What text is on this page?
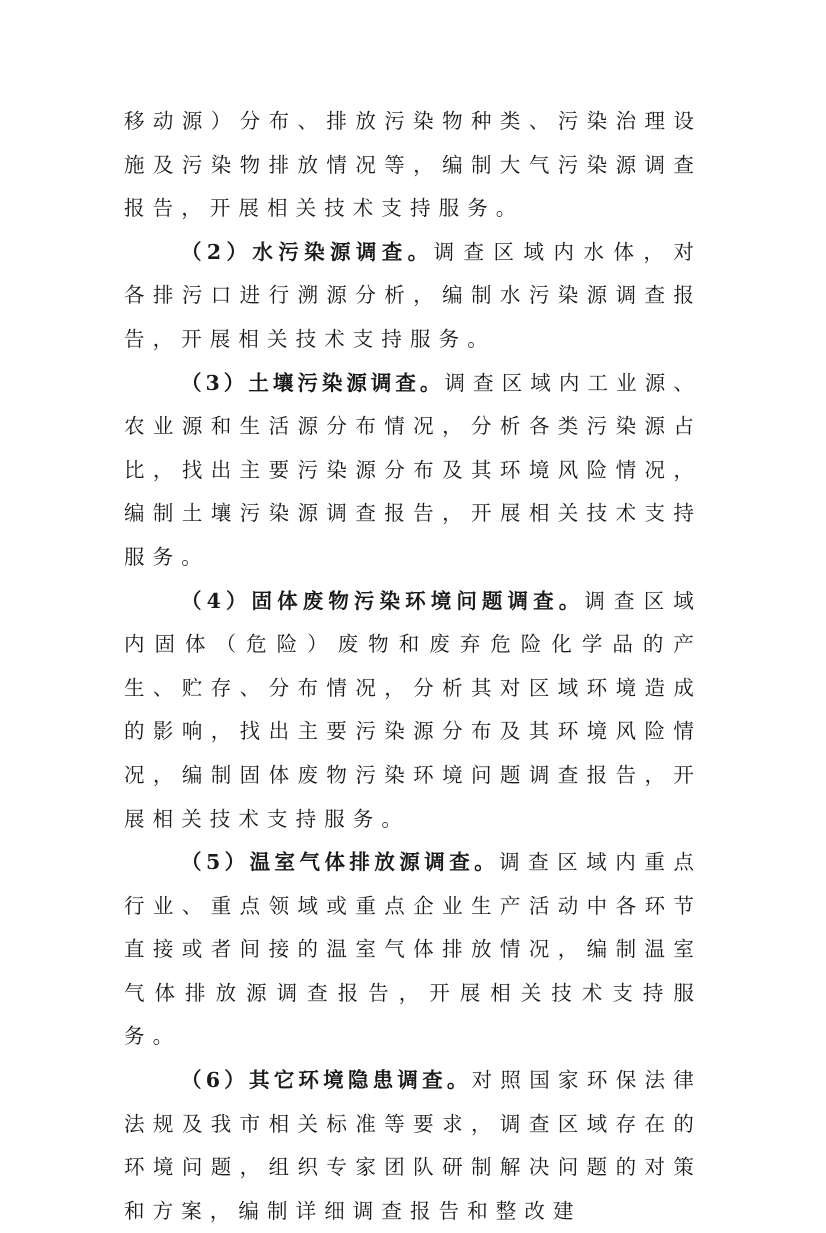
移动源）分布、排放污染物种类、污染治理设施及污染物排放情况等，编制大气污染源调查报告，开展相关技术支持服务。

（2）水污染源调查。调查区域内水体，对各排污口进行溯源分析，编制水污染源调查报告，开展相关技术支持服务。

（3）土壤污染源调查。调查区域内工业源、农业源和生活源分布情况，分析各类污染源占比，找出主要污染源分布及其环境风险情况，编制土壤污染源调查报告，开展相关技术支持服务。

（4）固体废物污染环境问题调查。调查区域内固体（危险）废物和废弃危险化学品的产生、贮存、分布情况，分析其对区域环境造成的影响，找出主要污染源分布及其环境风险情况，编制固体废物污染环境问题调查报告，开展相关技术支持服务。

（5）温室气体排放源调查。调查区域内重点行业、重点领域或重点企业生产活动中各环节直接或者间接的温室气体排放情况，编制温室气体排放源调查报告，开展相关技术支持服务。

（6）其它环境隐患调查。对照国家环保法律法规及我市相关标准等要求，调查区域存在的环境问题，组织专家团队研制解决问题的对策和方案，编制详细调查报告和整改建
